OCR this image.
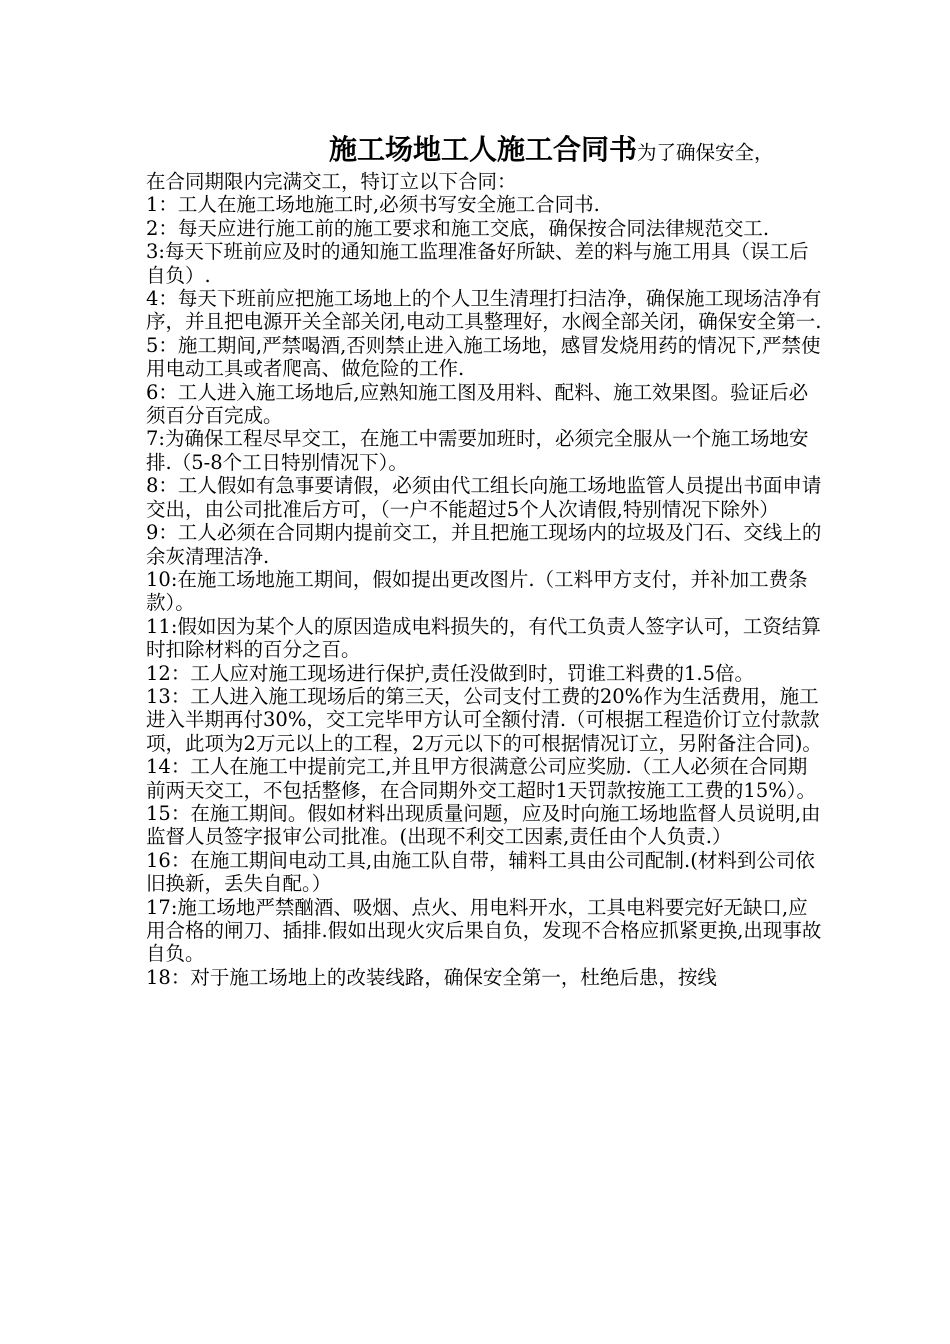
施工场地工人施工合同书为了确保安全，

在合同期限内完满交工，特订立以下合同：

1：工人在施工场地施工时,必须书写安全施工合同书.

2：每天应进行施工前的施工要求和施工交底，确保按合同法律规范交工.

3:每天下班前应及时的通知施工监理准备好所缺、差的料与施工用具（误工后自负）.

4：每天下班前应把施工场地上的个人卫生清理打扫洁净，确保施工现场洁净有序，并且把电源开关全部关闭,电动工具整理好，水阀全部关闭，确保安全第一.

5：施工期间,严禁喝酒,否则禁止进入施工场地，感冒发烧用药的情况下,严禁使用电动工具或者爬高、做危险的工作.

6：工人进入施工场地后,应熟知施工图及用料、配料、施工效果图。验证后必须百分百完成。

7:为确保工程尽早交工，在施工中需要加班时，必须完全服从一个施工场地安排.（5-8个工日特别情况下）。

8：工人假如有急事要请假，必须由代工组长向施工场地监管人员提出书面申请交出，由公司批准后方可，（一户不能超过5个人次请假,特别情况下除外）

9：工人必须在合同期内提前交工，并且把施工现场内的垃圾及门石、交线上的余灰清理洁净.

10:在施工场地施工期间，假如提出更改图片.（工料甲方支付，并补加工费条款）。

11:假如因为某个人的原因造成电料损失的，有代工负责人签字认可，工资结算时扣除材料的百分之百。

12：工人应对施工现场进行保护,责任没做到时，罚谁工料费的1.5倍。

13：工人进入施工现场后的第三天，公司支付工费的20%作为生活费用，施工进入半期再付30%，交工完毕甲方认可全额付清.（可根据工程造价订立付款款项，此项为2万元以上的工程，2万元以下的可根据情况订立，另附备注合同)。

14：工人在施工中提前完工,并且甲方很满意公司应奖励.（工人必须在合同期前两天交工，不包括整修，在合同期外交工超时1天罚款按施工工费的15%）。

15：在施工期间。假如材料出现质量问题，应及时向施工场地监督人员说明,由监督人员签字报审公司批准。(出现不利交工因素,责任由个人负责.）

16：在施工期间电动工具,由施工队自带，辅料工具由公司配制.(材料到公司依旧换新，丢失自配。）

17:施工场地严禁酗酒、吸烟、点火、用电料开水，工具电料要完好无缺口,应用合格的闸刀、插排.假如出现火灾后果自负，发现不合格应抓紧更换,出现事故自负。

18：对于施工场地上的改装线路，确保安全第一，杜绝后患，按线
